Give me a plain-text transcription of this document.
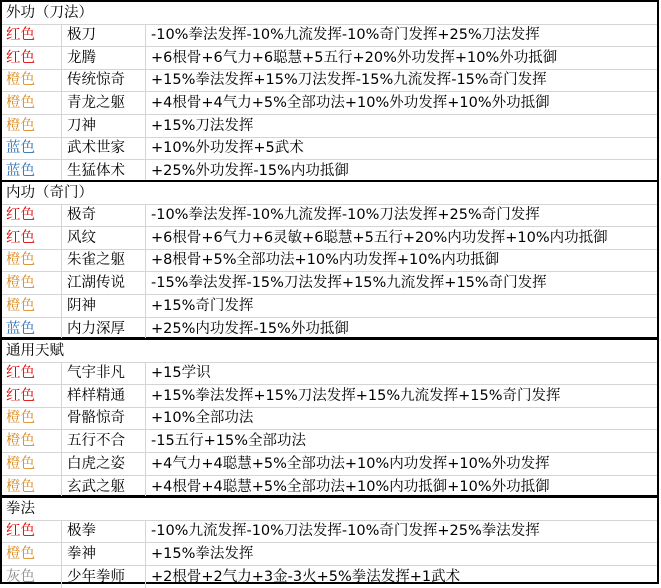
外功（刀法）
红色	极刀	-10%拳法发挥-10%九流发挥-10%奇门发挥+25%刀法发挥
红色	龙腾	+6根骨+6气力+6聪慧+5五行+20%外功发挥+10%外功抵御
橙色	传统惊奇	+15%拳法发挥+15%刀法发挥-15%九流发挥-15%奇门发挥
橙色	青龙之躯	+4根骨+4气力+5%全部功法+10%外功发挥+10%外功抵御
橙色	刀神	+15%刀法发挥
蓝色	武术世家	+10%外功发挥+5武术
蓝色	生猛体术	+25%外功发挥-15%内功抵御
内功（奇门）
红色	极奇	-10%拳法发挥-10%九流发挥-10%刀法发挥+25%奇门发挥
红色	风纹	+6根骨+6气力+6灵敏+6聪慧+5五行+20%内功发挥+10%内功抵御
橙色	朱雀之躯	+8根骨+5%全部功法+10%内功发挥+10%内功抵御
橙色	江湖传说	-15%拳法发挥-15%刀法发挥+15%九流发挥+15%奇门发挥
橙色	阴神	+15%奇门发挥
蓝色	内力深厚	+25%内功发挥-15%外功抵御
通用天赋
红色	气宇非凡	+15学识
红色	样样精通	+15%拳法发挥+15%刀法发挥+15%九流发挥+15%奇门发挥
橙色	骨骼惊奇	+10%全部功法
橙色	五行不合	-15五行+15%全部功法
橙色	白虎之姿	+4气力+4聪慧+5%全部功法+10%内功发挥+10%外功发挥
橙色	玄武之躯	+4根骨+4聪慧+5%全部功法+10%内功抵御+10%外功抵御
拳法
红色	极拳	-10%九流发挥-10%刀法发挥-10%奇门发挥+25%拳法发挥
橙色	拳神	+15%拳法发挥
灰色	少年拳师	+2根骨+2气力+3金-3火+5%拳法发挥+1武术
